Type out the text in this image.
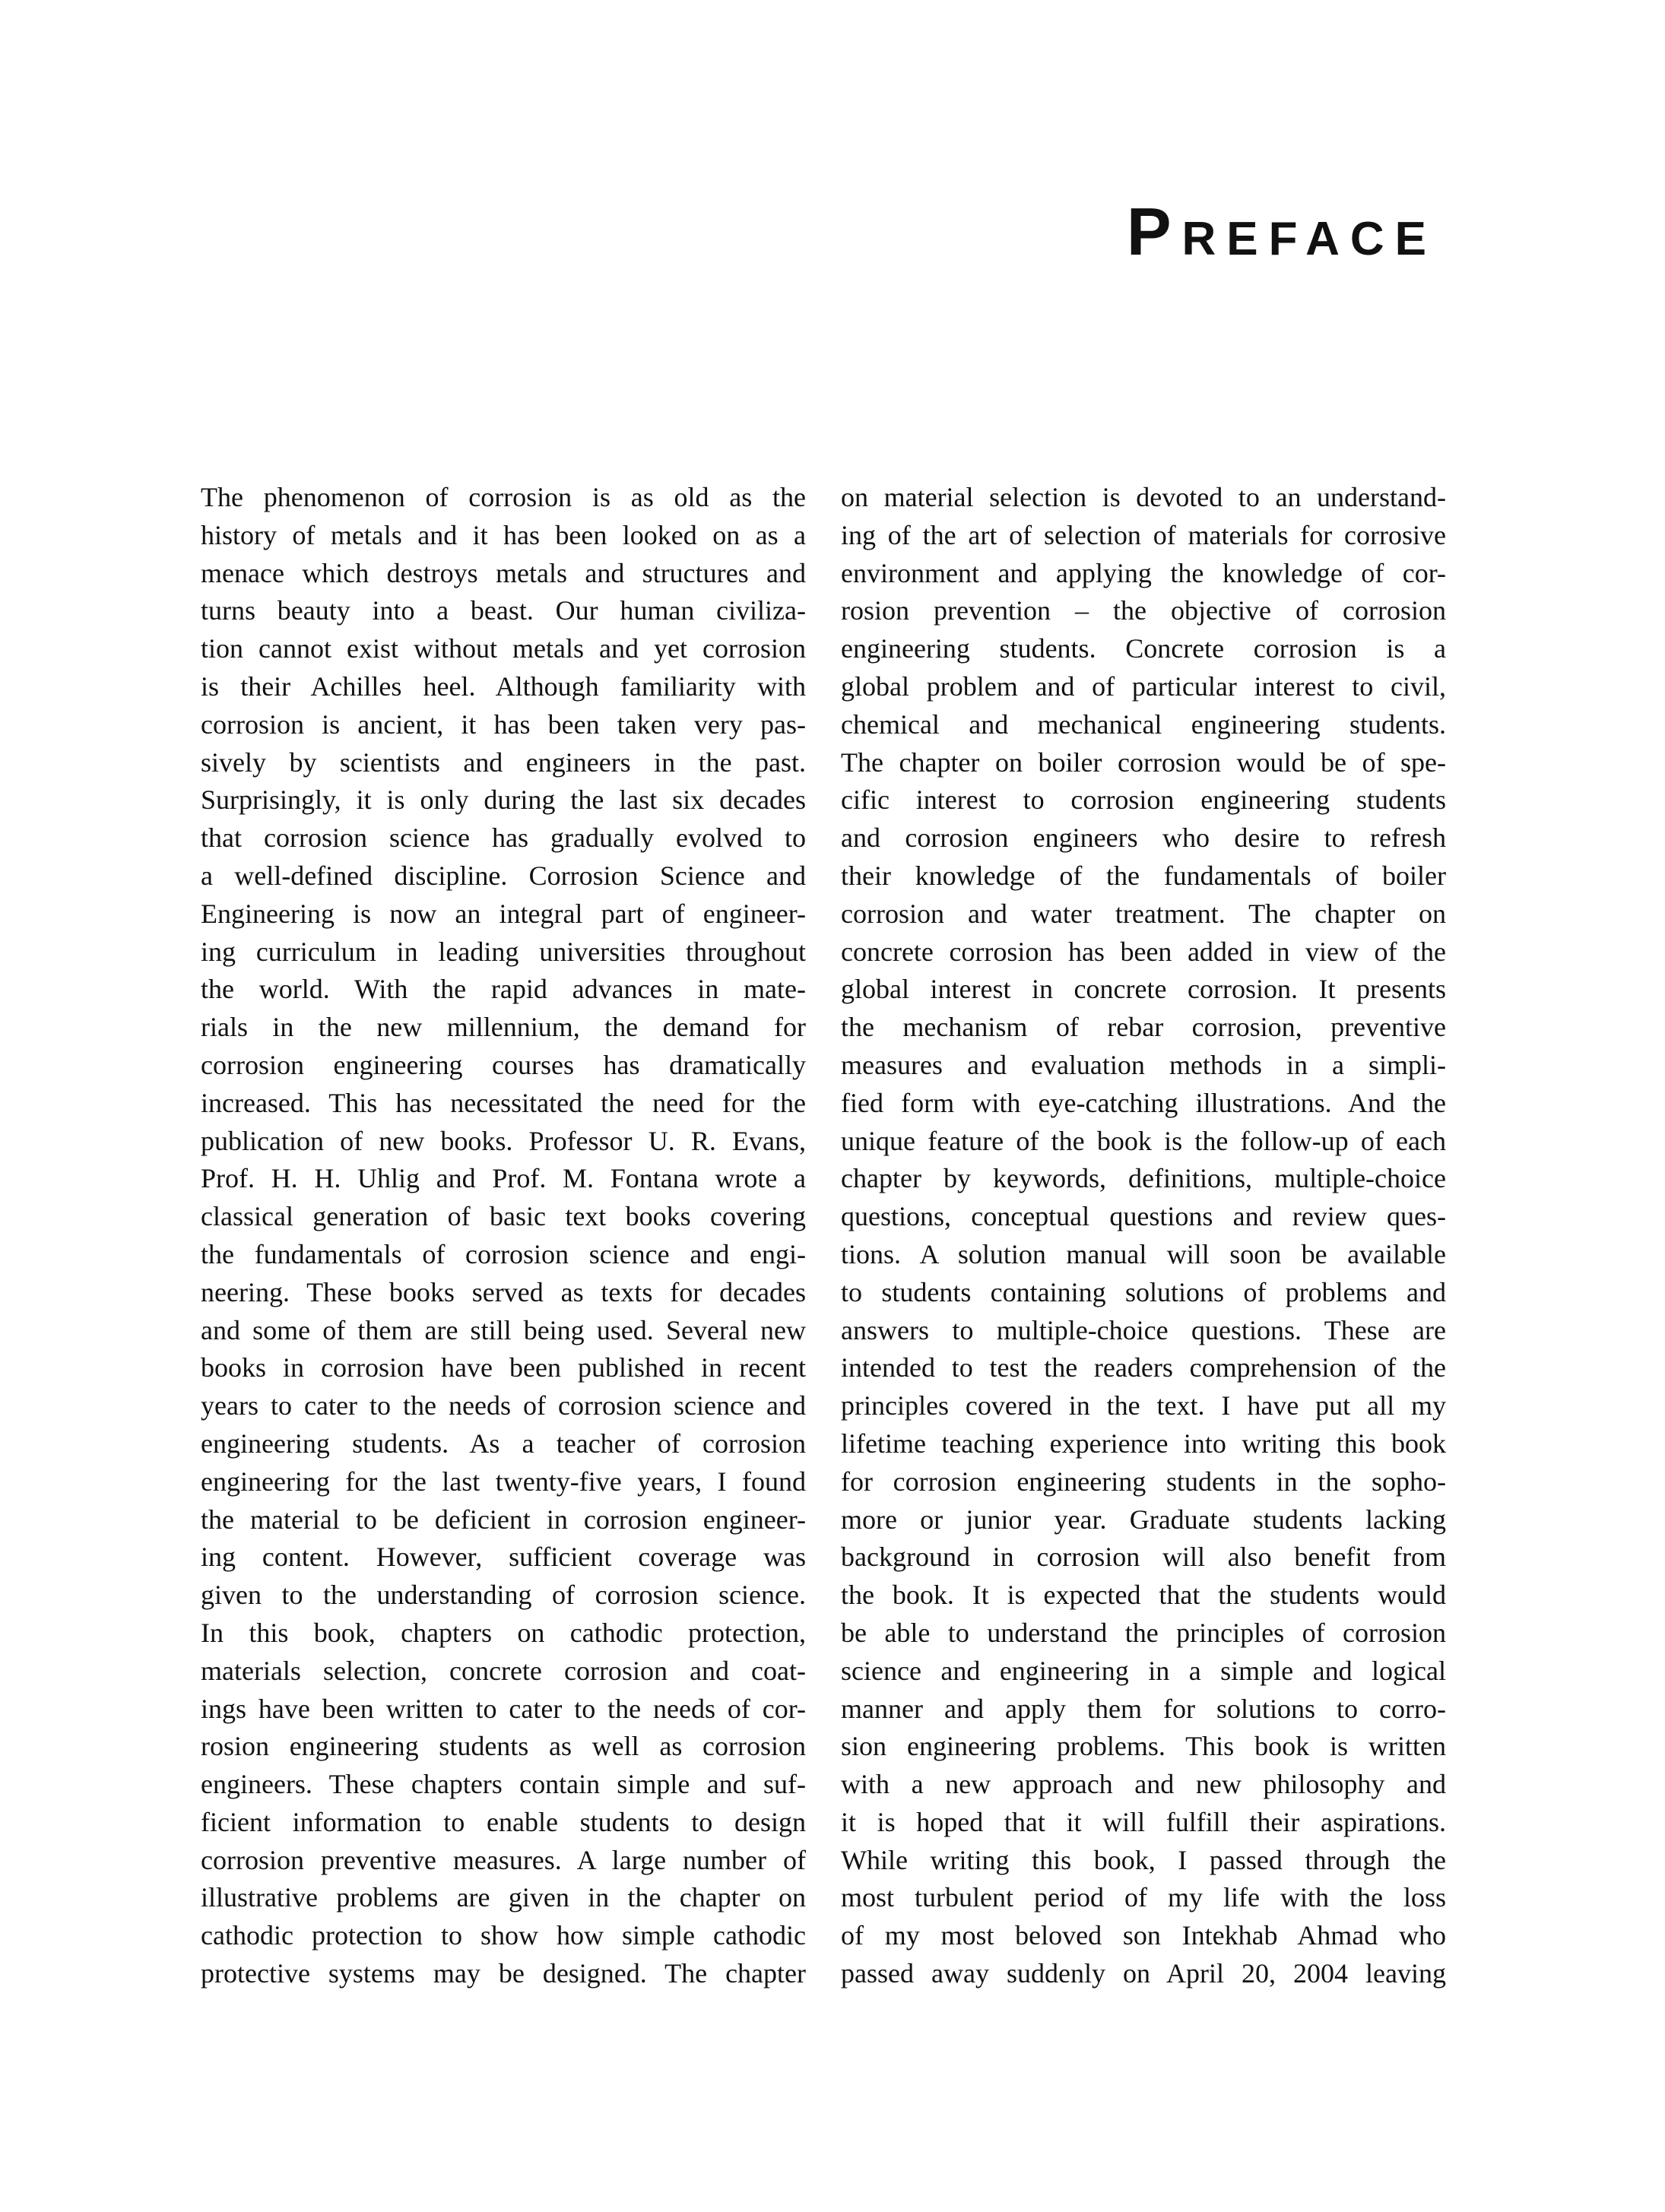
Preface
The phenomenon of corrosion is as old as the
history of metals and it has been looked on as a
menace which destroys metals and structures and
turns beauty into a beast. Our human civiliza-
tion cannot exist without metals and yet corrosion
is their Achilles heel. Although familiarity with
corrosion is ancient, it has been taken very pas-
sively by scientists and engineers in the past.
Surprisingly, it is only during the last six decades
that corrosion science has gradually evolved to
a well-defined discipline. Corrosion Science and
Engineering is now an integral part of engineer-
ing curriculum in leading universities throughout
the world. With the rapid advances in mate-
rials in the new millennium, the demand for
corrosion engineering courses has dramatically
increased. This has necessitated the need for the
publication of new books. Professor U. R. Evans,
Prof. H. H. Uhlig and Prof. M. Fontana wrote a
classical generation of basic text books covering
the fundamentals of corrosion science and engi-
neering. These books served as texts for decades
and some of them are still being used. Several new
books in corrosion have been published in recent
years to cater to the needs of corrosion science and
engineering students. As a teacher of corrosion
engineering for the last twenty-five years, I found
the material to be deficient in corrosion engineer-
ing content. However, sufficient coverage was
given to the understanding of corrosion science.
In this book, chapters on cathodic protection,
materials selection, concrete corrosion and coat-
ings have been written to cater to the needs of cor-
rosion engineering students as well as corrosion
engineers. These chapters contain simple and suf-
ficient information to enable students to design
corrosion preventive measures. A large number of
illustrative problems are given in the chapter on
cathodic protection to show how simple cathodic
protective systems may be designed. The chapter
on material selection is devoted to an understand-
ing of the art of selection of materials for corrosive
environment and applying the knowledge of cor-
rosion prevention – the objective of corrosion
engineering students. Concrete corrosion is a
global problem and of particular interest to civil,
chemical and mechanical engineering students.
The chapter on boiler corrosion would be of spe-
cific interest to corrosion engineering students
and corrosion engineers who desire to refresh
their knowledge of the fundamentals of boiler
corrosion and water treatment. The chapter on
concrete corrosion has been added in view of the
global interest in concrete corrosion. It presents
the mechanism of rebar corrosion, preventive
measures and evaluation methods in a simpli-
fied form with eye-catching illustrations. And the
unique feature of the book is the follow-up of each
chapter by keywords, definitions, multiple-choice
questions, conceptual questions and review ques-
tions. A solution manual will soon be available
to students containing solutions of problems and
answers to multiple-choice questions. These are
intended to test the readers comprehension of the
principles covered in the text. I have put all my
lifetime teaching experience into writing this book
for corrosion engineering students in the sopho-
more or junior year. Graduate students lacking
background in corrosion will also benefit from
the book. It is expected that the students would
be able to understand the principles of corrosion
science and engineering in a simple and logical
manner and apply them for solutions to corro-
sion engineering problems. This book is written
with a new approach and new philosophy and
it is hoped that it will fulfill their aspirations.
While writing this book, I passed through the
most turbulent period of my life with the loss
of my most beloved son Intekhab Ahmad who
passed away suddenly on April 20, 2004 leaving
